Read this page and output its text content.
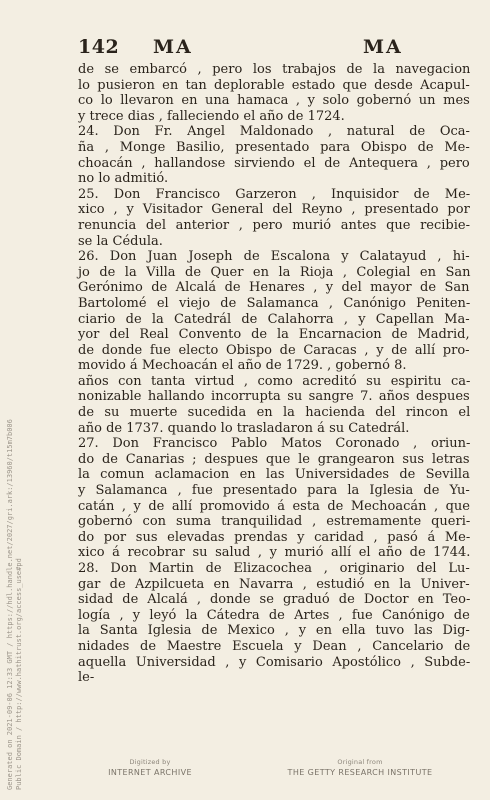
142 MA	MA
de se embarcó , pero los trabajos de la navegacion
lo pusieron en tan deplorable estado que desde Acapul-
co lo llevaron en una hamaca , y solo gobernó un mes
y trece dias , falleciendo el año de 1724.
24. Don Fr. Angel Maldonado , natural de Oca-
ña , Monge Basilio, presentado para Obispo de Me-
choacán , hallandose sirviendo el de Antequera , pero
no lo admitió.
25. Don Francisco Garzeron , Inquisidor de Me-
xico , y Visitador General del Reyno , presentado por
renuncia del anterior , pero murió antes que recibie-
se la Cédula.
26. Don Juan Joseph de Escalona y Calatayud , hi-
jo de la Villa de Quer en la Rioja , Colegial en San
Gerónimo de Alcalá de Henares , y del mayor de San
Bartolomé el viejo de Salamanca , Canónigo Peniten-
ciario de la Catedrál de Calahorra , y Capellan Ma-
yor del Real Convento de la Encarnacion de Madrid,
de donde fue electo Obispo de Caracas , y de allí pro-
movido á Mechoacán el año de 1729. , gobernó 8.
años con tanta virtud , como acreditó su espiritu ca-
nonizable hallando incorrupta su sangre 7. años despues
de su muerte sucedida en la hacienda del rincon el
año de 1737. quando lo trasladaron á su Catedrál.
27. Don Francisco Pablo Matos Coronado , oriun-
do de Canarias ; despues que le grangearon sus letras
la comun aclamacion en las Universidades de Sevilla
y Salamanca , fue presentado para la Iglesia de Yu-
catán , y de allí promovido á esta de Mechoacán , que
gobernó con suma tranquilidad , estremamente queri-
do por sus elevadas prendas y caridad , pasó á Me-
xico á recobrar su salud , y murió allí el año de 1744.
28. Don Martin de Elizacochea , originario del Lu-
gar de Azpilcueta en Navarra , estudió en la Univer-
sidad de Alcalá , donde se graduó de Doctor en Teo-
logía , y leyó la Cátedra de Artes , fue Canónigo de
la Santa Iglesia de Mexico , y en ella tuvo las Dig-
nidades de Maestre Escuela y Dean , Cancelario de
aquella Universidad , y Comisario Apostólico , Subde-
le-
Generated on 2021-09-06 12:33 GMT / https://hdl.handle.net/2027/gri.ark:/13960/t15m7b006 Public Domain / http://www.hathitrust.org/access_use#pd	Digitized by
INTERNET ARCHIVE
Original from
THE GETTY RESEARCH INSTITUTE
